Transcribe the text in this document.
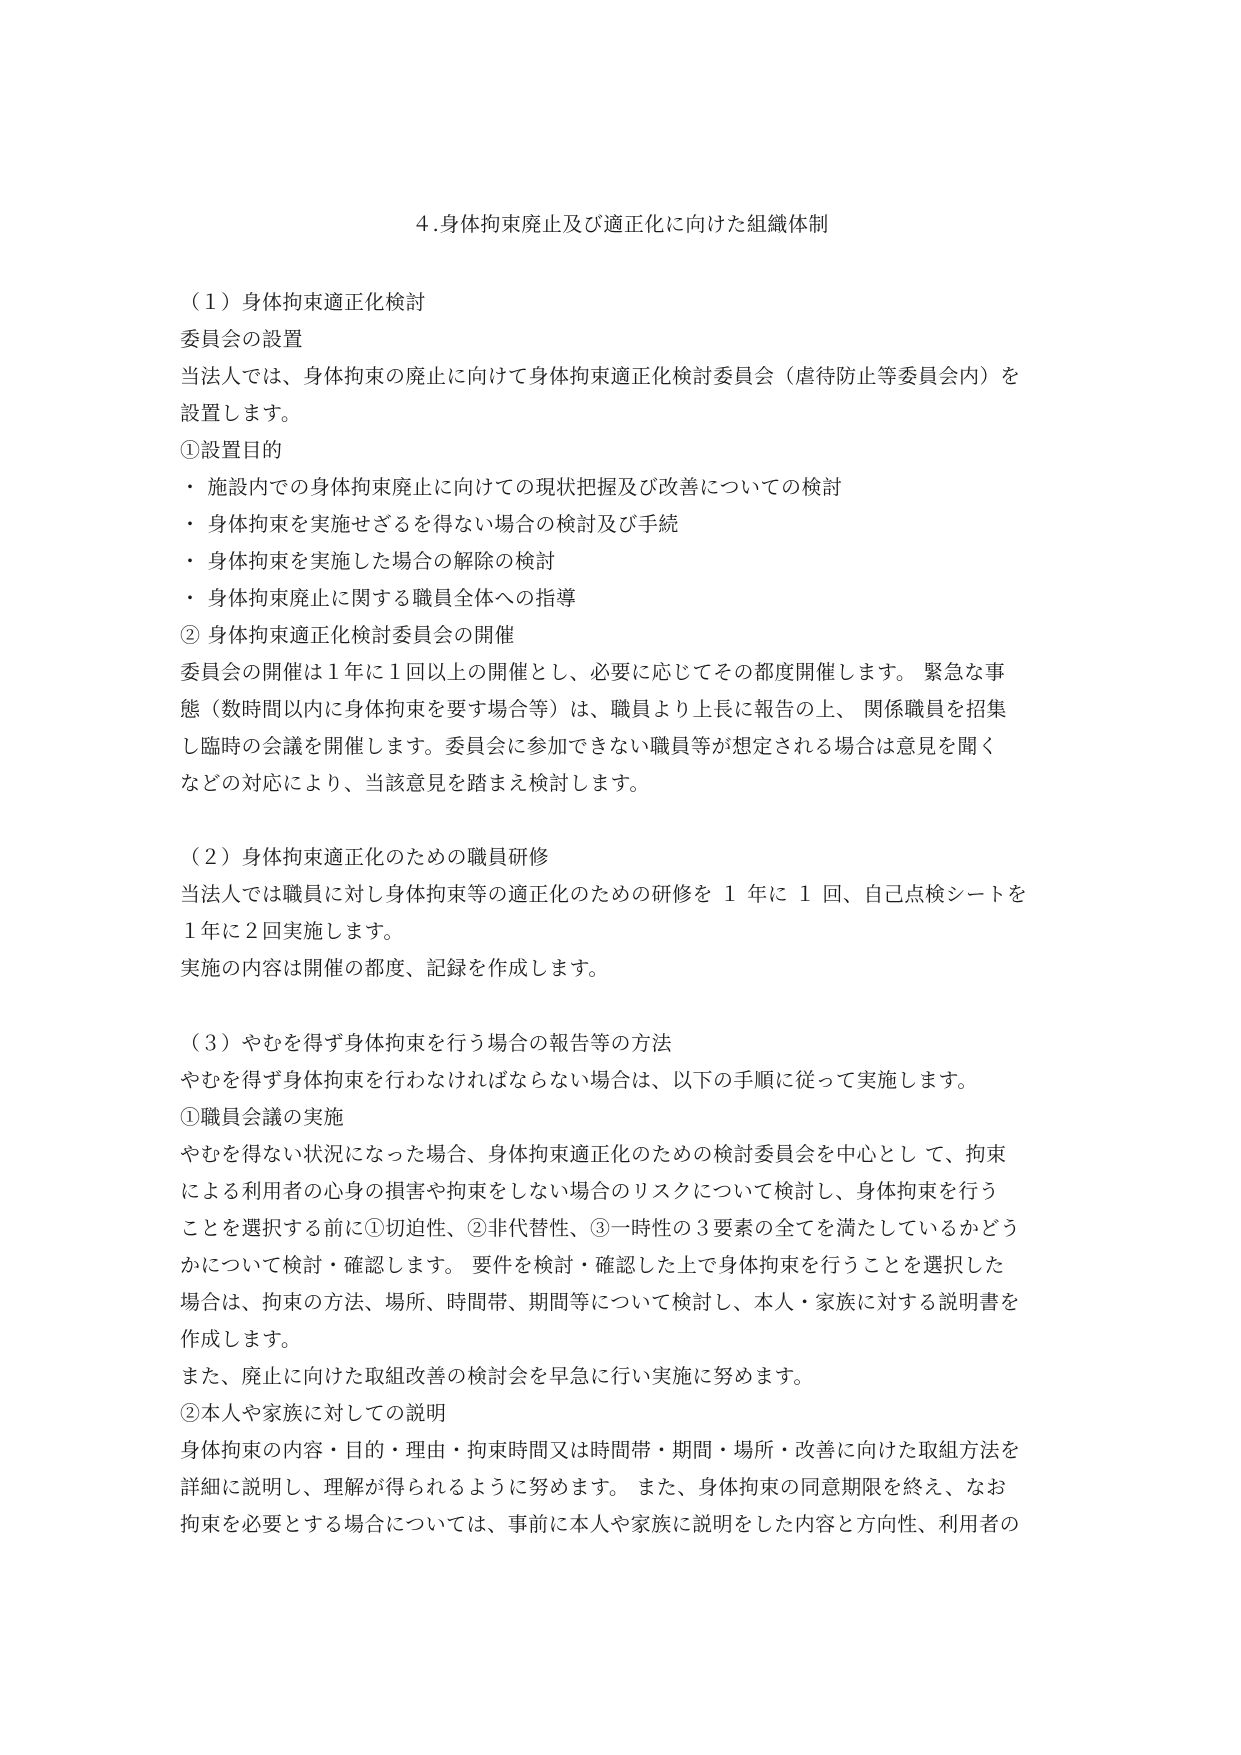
４.身体拘束廃止及び適正化に向けた組織体制
（１）身体拘束適正化検討
委員会の設置
当法人では、身体拘束の廃止に向けて身体拘束適正化検討委員会（虐待防止等委員会内）を
設置します。
①設置目的
・ 施設内での身体拘束廃止に向けての現状把握及び改善についての検討
・ 身体拘束を実施せざるを得ない場合の検討及び手続
・ 身体拘束を実施した場合の解除の検討
・ 身体拘束廃止に関する職員全体への指導
② 身体拘束適正化検討委員会の開催
委員会の開催は１年に１回以上の開催とし、必要に応じてその都度開催します。 緊急な事
態（数時間以内に身体拘束を要す場合等）は、職員より上長に報告の上、 関係職員を招集
し臨時の会議を開催します。委員会に参加できない職員等が想定される場合は意見を聞く
などの対応により、当該意見を踏まえ検討します。
（２）身体拘束適正化のための職員研修
当法人では職員に対し身体拘束等の適正化のための研修を １ 年に １ 回、自己点検シートを
１年に２回実施します。
実施の内容は開催の都度、記録を作成します。
（３）やむを得ず身体拘束を行う場合の報告等の方法
やむを得ず身体拘束を行わなければならない場合は、以下の手順に従って実施します。
①職員会議の実施
やむを得ない状況になった場合、身体拘束適正化のための検討委員会を中心とし て、拘束
による利用者の心身の損害や拘束をしない場合のリスクについて検討し、身体拘束を行う
ことを選択する前に①切迫性、②非代替性、③一時性の３要素の全てを満たしているかどう
かについて検討・確認します。 要件を検討・確認した上で身体拘束を行うことを選択した
場合は、拘束の方法、場所、時間帯、期間等について検討し、本人・家族に対する説明書を
作成します。
また、廃止に向けた取組改善の検討会を早急に行い実施に努めます。
②本人や家族に対しての説明
身体拘束の内容・目的・理由・拘束時間又は時間帯・期間・場所・改善に向けた取組方法を
詳細に説明し、理解が得られるように努めます。 また、身体拘束の同意期限を終え、なお
拘束を必要とする場合については、事前に本人や家族に説明をした内容と方向性、利用者の
